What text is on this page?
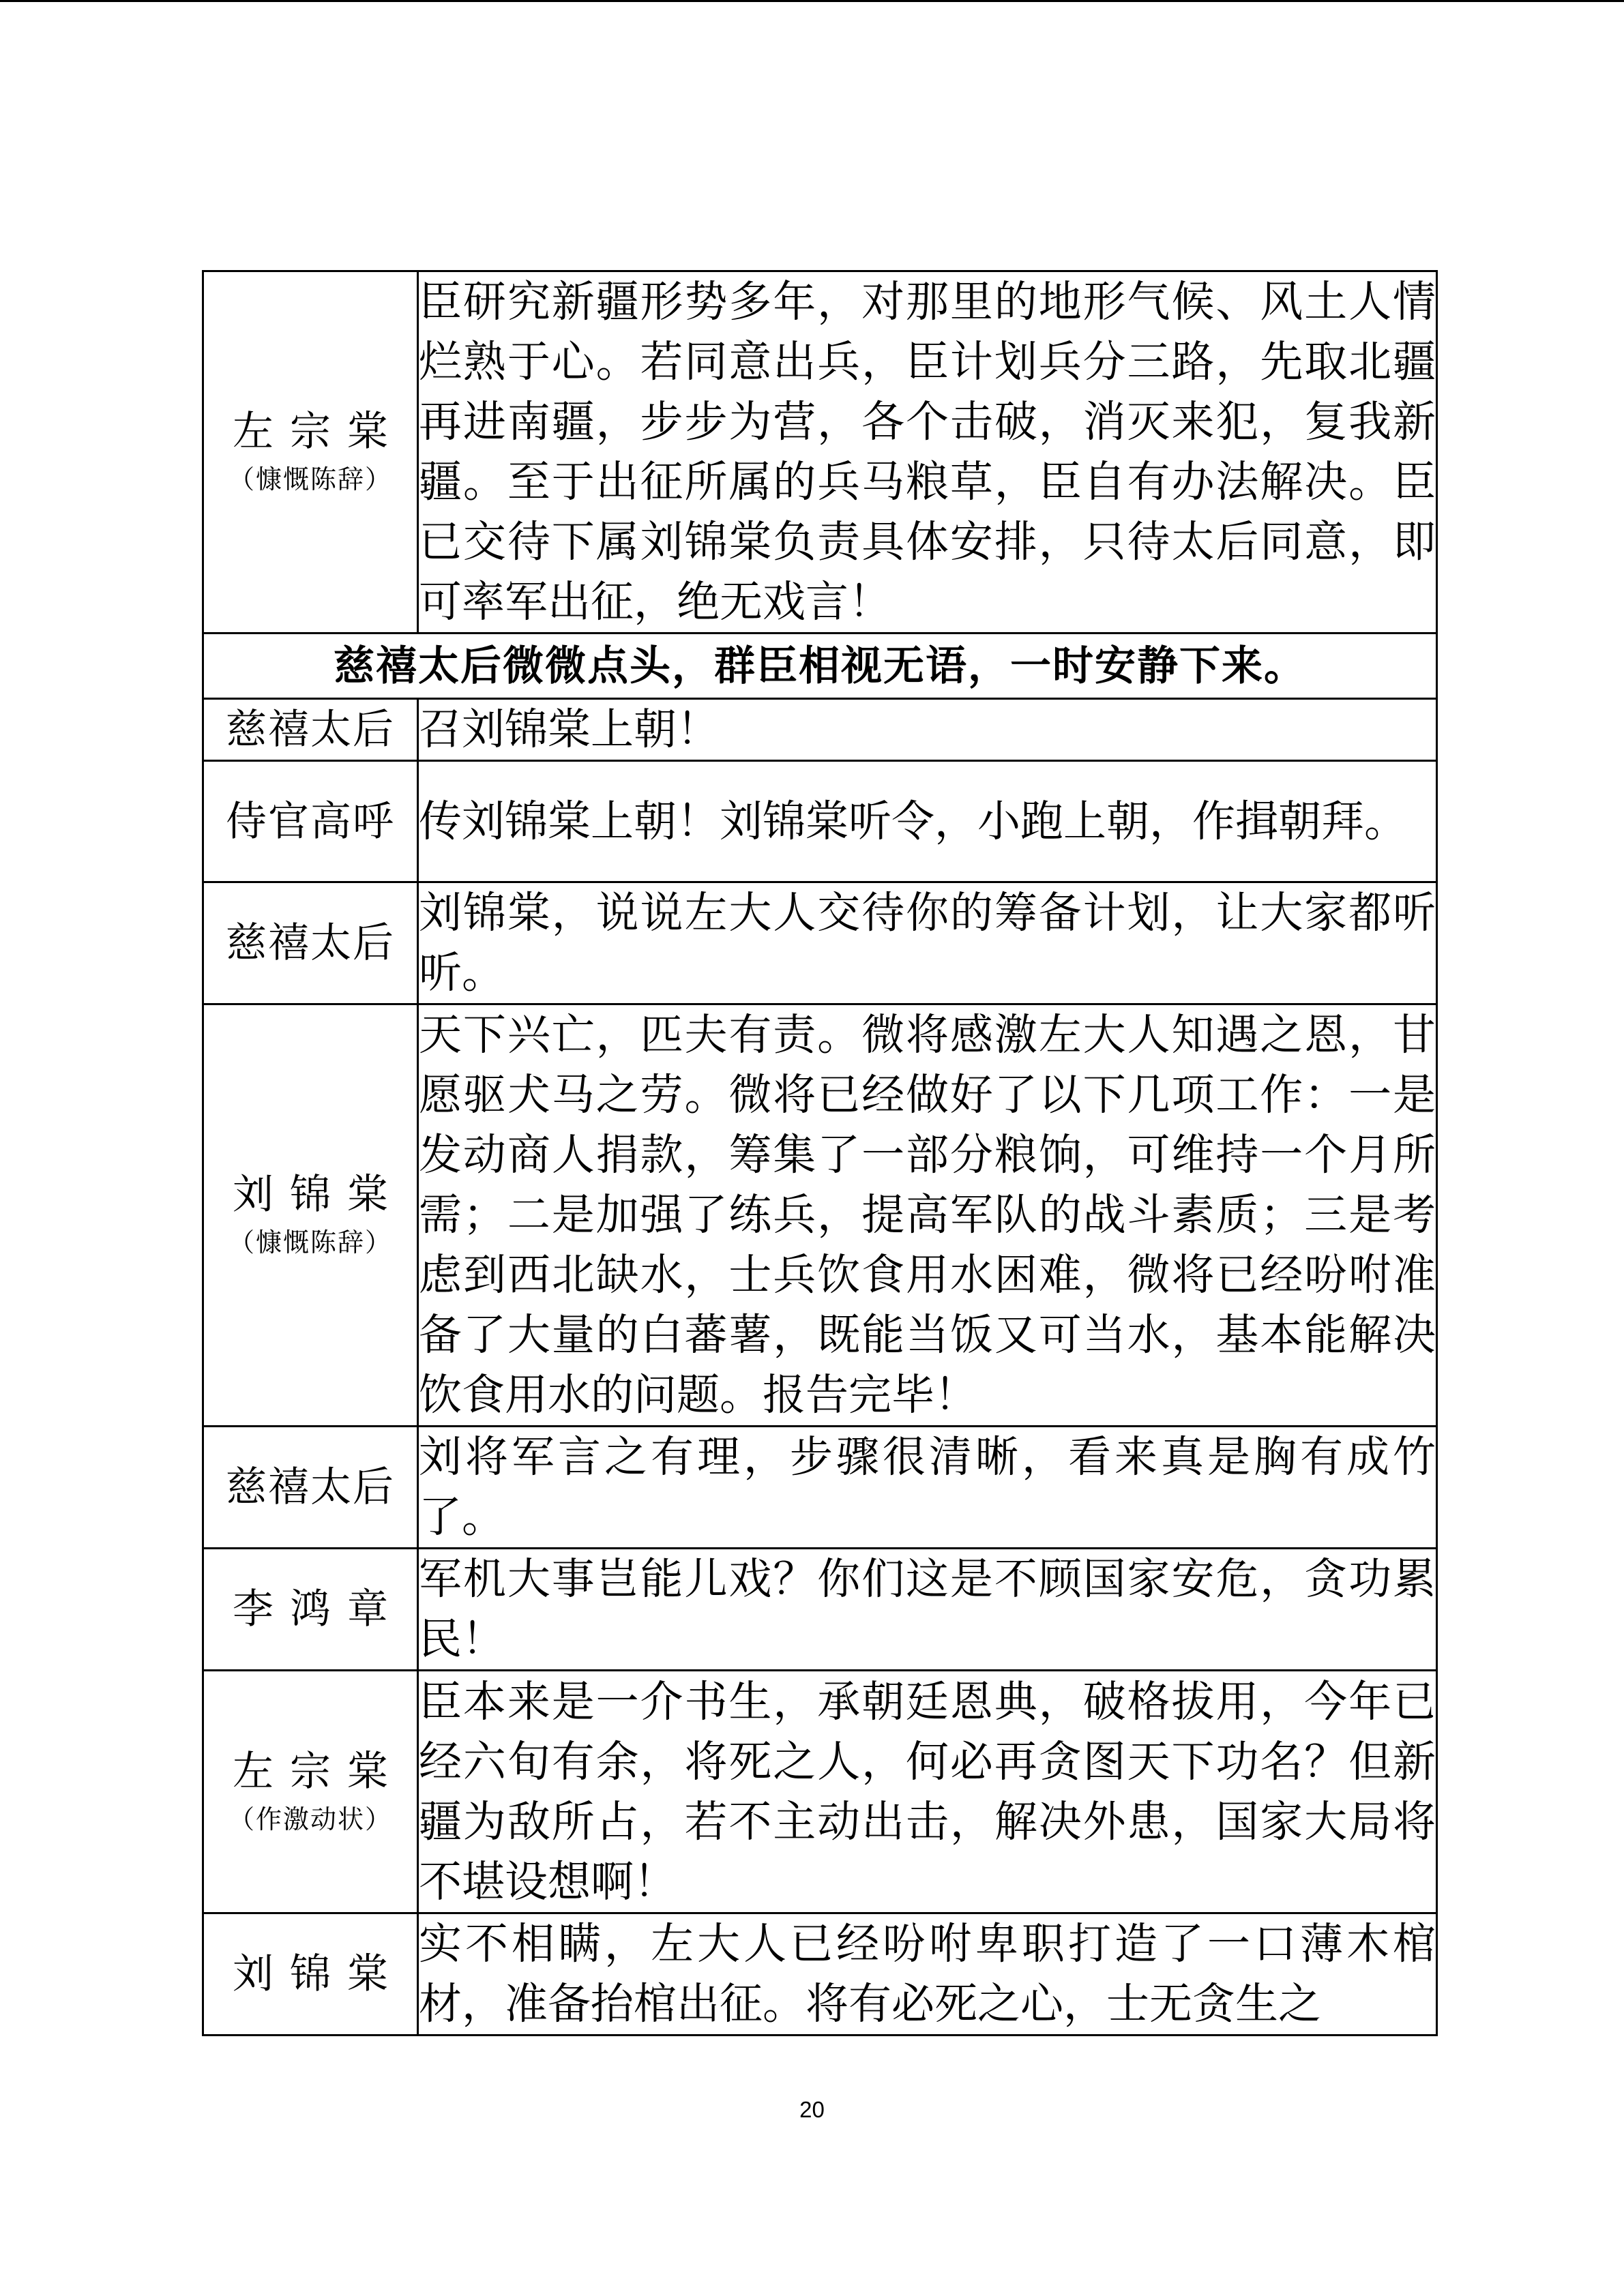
左宗棠
（慷慨陈辞）	臣研究新疆形势多年，对那里的地形气候、风土人情烂熟于心。若同意出兵，臣计划兵分三路，先取北疆再进南疆，步步为营，各个击破，消灭来犯，复我新疆。至于出征所属的兵马粮草，臣自有办法解决。臣已交待下属刘锦棠负责具体安排，只待太后同意，即可率军出征，绝无戏言！

慈禧太后微微点头，群臣相视无语，一时安静下来。	

慈禧太后	召刘锦棠上朝！

侍官高呼	传刘锦棠上朝！刘锦棠听令，小跑上朝，作揖朝拜。

慈禧太后	刘锦棠，说说左大人交待你的筹备计划，让大家都听听。

刘锦棠
（慷慨陈辞）	天下兴亡，匹夫有责。微将感激左大人知遇之恩，甘愿驱犬马之劳。微将已经做好了以下几项工作：一是发动商人捐款，筹集了一部分粮饷，可维持一个月所需；二是加强了练兵，提高军队的战斗素质；三是考虑到西北缺水，士兵饮食用水困难，微将已经吩咐准备了大量的白蕃薯，既能当饭又可当水，基本能解决饮食用水的问题。报告完毕！

慈禧太后	刘将军言之有理，步骤很清晰，看来真是胸有成竹了。

李鸿章	军机大事岂能儿戏？你们这是不顾国家安危，贪功累民！

左宗棠
（作激动状）	臣本来是一介书生，承朝廷恩典，破格拔用，今年已经六旬有余，将死之人，何必再贪图天下功名？但新疆为敌所占，若不主动出击，解决外患，国家大局将不堪设想啊！

刘锦棠	实不相瞒，左大人已经吩咐卑职打造了一口薄木棺材，准备抬棺出征。将有必死之心，士无贪生之
20
